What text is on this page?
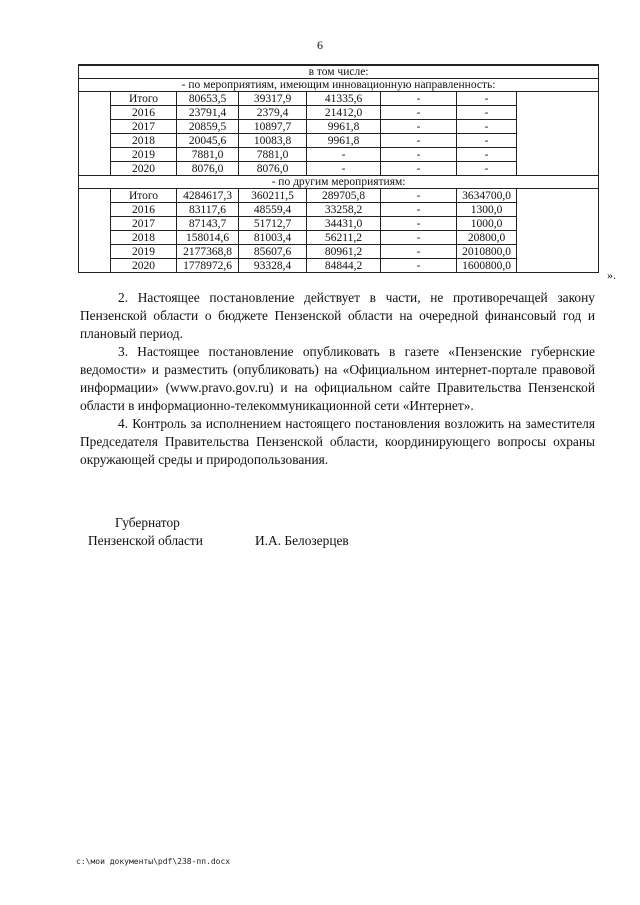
6
в том числе:							
- по мероприятиям, имеющим инновационную направленность:							
	Итого	80653,5	39317,9	41335,6	-	-	
	2016	23791,4	2379,4	21412,0	-	-	
	2017	20859,5	10897,7	9961,8	-	-	
	2018	20045,6	10083,8	9961,8	-	-	
	2019	7881,0	7881,0	-	-	-	
	2020	8076,0	8076,0	-	-	-	
- по другим мероприятиям:							
	Итого	4284617,3	360211,5	289705,8	-	3634700,0	
	2016	83117,6	48559,4	33258,2	-	1300,0	
	2017	87143,7	51712,7	34431,0	-	1000,0	
	2018	158014,6	81003,4	56211,2	-	20800,0	
	2019	2177368,8	85607,6	80961,2	-	2010800,0	
	2020	1778972,6	93328,4	84844,2	-	1600800,0	
».

2. Настоящее постановление действует в части, не противоречащей закону Пензенской области о бюджете Пензенской области на очередной финансовый год и плановый период.

3. Настоящее постановление опубликовать в газете «Пензенские губернские ведомости» и разместить (опубликовать) на «Официальном интернет-портале правовой информации» (www.pravo.gov.ru) и на официальном сайте Правительства Пензенской области в информационно-телекоммуникационной сети «Интернет».

4. Контроль за исполнением настоящего постановления возложить на заместителя Председателя Правительства Пензенской области, координирующего вопросы охраны окружающей среды и природопользования.

Губернатор
Пензенской области	И.А. Белозерцев
c:\мои документы\pdf\238-пп.docx
